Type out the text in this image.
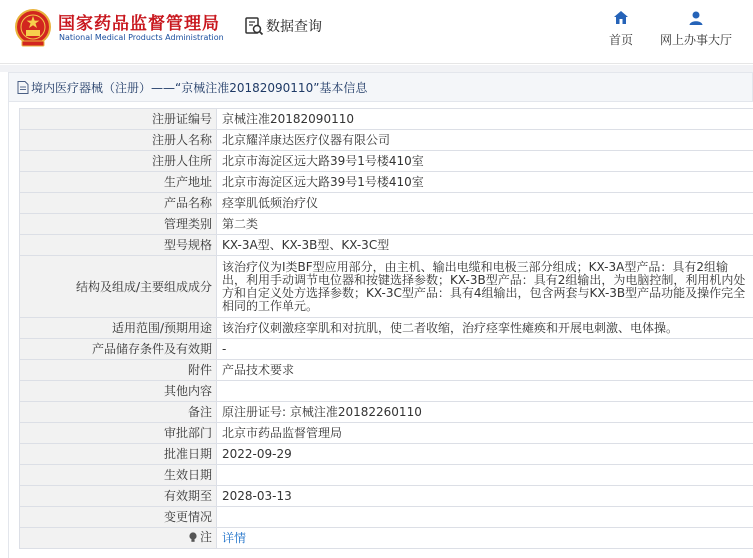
国家药品监督管理局
National Medical Products Administration
数据查询
首页	网上办事大厅
境内医疗器械（注册）——“京械注准20182090110”基本信息
注册证编号	京械注准20182090110
注册人名称	北京耀洋康达医疗仪器有限公司
注册人住所	北京市海淀区远大路39号1号楼410室
生产地址	北京市海淀区远大路39号1号楼410室
产品名称	痉挛肌低频治疗仪
管理类别	第二类
型号规格	KX-3A型、KX-3B型、KX-3C型
结构及组成/主要组成成分	该治疗仪为Ⅰ类BF型应用部分，由主机、输出电缆和电极三部分组成；KX-3A型产品：具有2组输出，利用手动调节电位器和按键选择参数；KX-3B型产品：具有2组输出，为电脑控制，利用机内处方和自定义处方选择参数；KX-3C型产品：具有4组输出，包含两套与KX-3B型产品功能及操作完全相同的工作单元。
适用范围/预期用途	该治疗仪刺激痉挛肌和对抗肌，使二者收缩，治疗痉挛性瘫痪和开展电刺激、电体操。
产品储存条件及有效期	-
附件	产品技术要求
其他内容	
备注	原注册证号: 京械注准20182260110
审批部门	北京市药品监督管理局
批准日期	2022-09-29
生效日期	
有效期至	2028-03-13
变更情况	

注	详情
